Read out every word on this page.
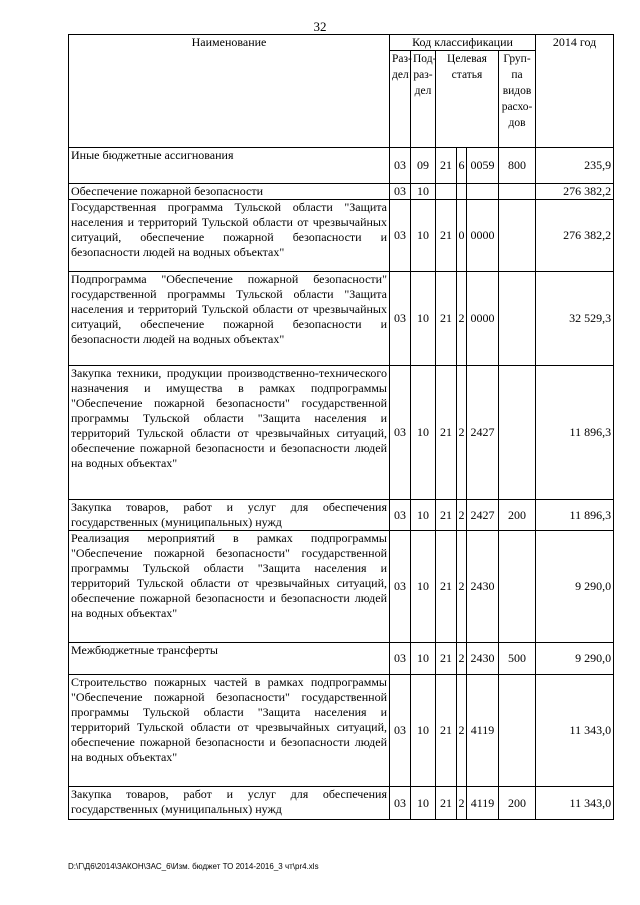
32
Наименование	Код классификации						2014 год
	Раз-дел	Под-раз-дел	Целевая статья			Груп-па видов расхо-дов	
Иные бюджетные ассигнования	03	09	21	6	0059	800	235,9
Обеспечение пожарной безопасности	03	10					276 382,2
Государственная программа Тульской области "Защита населения и территорий Тульской области от чрезвычайных ситуаций, обеспечение пожарной безопасности и безопасности людей на водных объектах"	03	10	21	0	0000		276 382,2
Подпрограмма "Обеспечение пожарной безопасности" государственной программы Тульской области "Защита населения и территорий Тульской области от чрезвычайных ситуаций, обеспечение пожарной безопасности и безопасности людей на водных объектах"	03	10	21	2	0000		32 529,3
Закупка техники, продукции производственно-технического назначения и имущества в рамках подпрограммы "Обеспечение пожарной безопасности" государственной программы Тульской области "Защита населения и территорий Тульской области от чрезвычайных ситуаций, обеспечение пожарной безопасности и безопасности людей на водных объектах"	03	10	21	2	2427		11 896,3
Закупка товаров, работ и услуг для обеспечения государственных (муниципальных) нужд	03	10	21	2	2427	200	11 896,3
Реализация мероприятий в рамках подпрограммы "Обеспечение пожарной безопасности" государственной программы Тульской области "Защита населения и территорий Тульской области от чрезвычайных ситуаций, обеспечение пожарной безопасности и безопасности людей на водных объектах"	03	10	21	2	2430		9 290,0
Межбюджетные трансферты	03	10	21	2	2430	500	9 290,0
Строительство пожарных частей в рамках подпрограммы "Обеспечение пожарной безопасности" государственной программы Тульской области "Защита населения и территорий Тульской области от чрезвычайных ситуаций, обеспечение пожарной безопасности и безопасности людей на водных объектах"	03	10	21	2	4119		11 343,0
Закупка товаров, работ и услуг для обеспечения государственных (муниципальных) нужд	03	10	21	2	4119	200	11 343,0
D:\Г\Д6\2014\ЗАКОН\ЗАС_6\Изм. бюджет ТО 2014-2016_3 чт\pr4.xls
